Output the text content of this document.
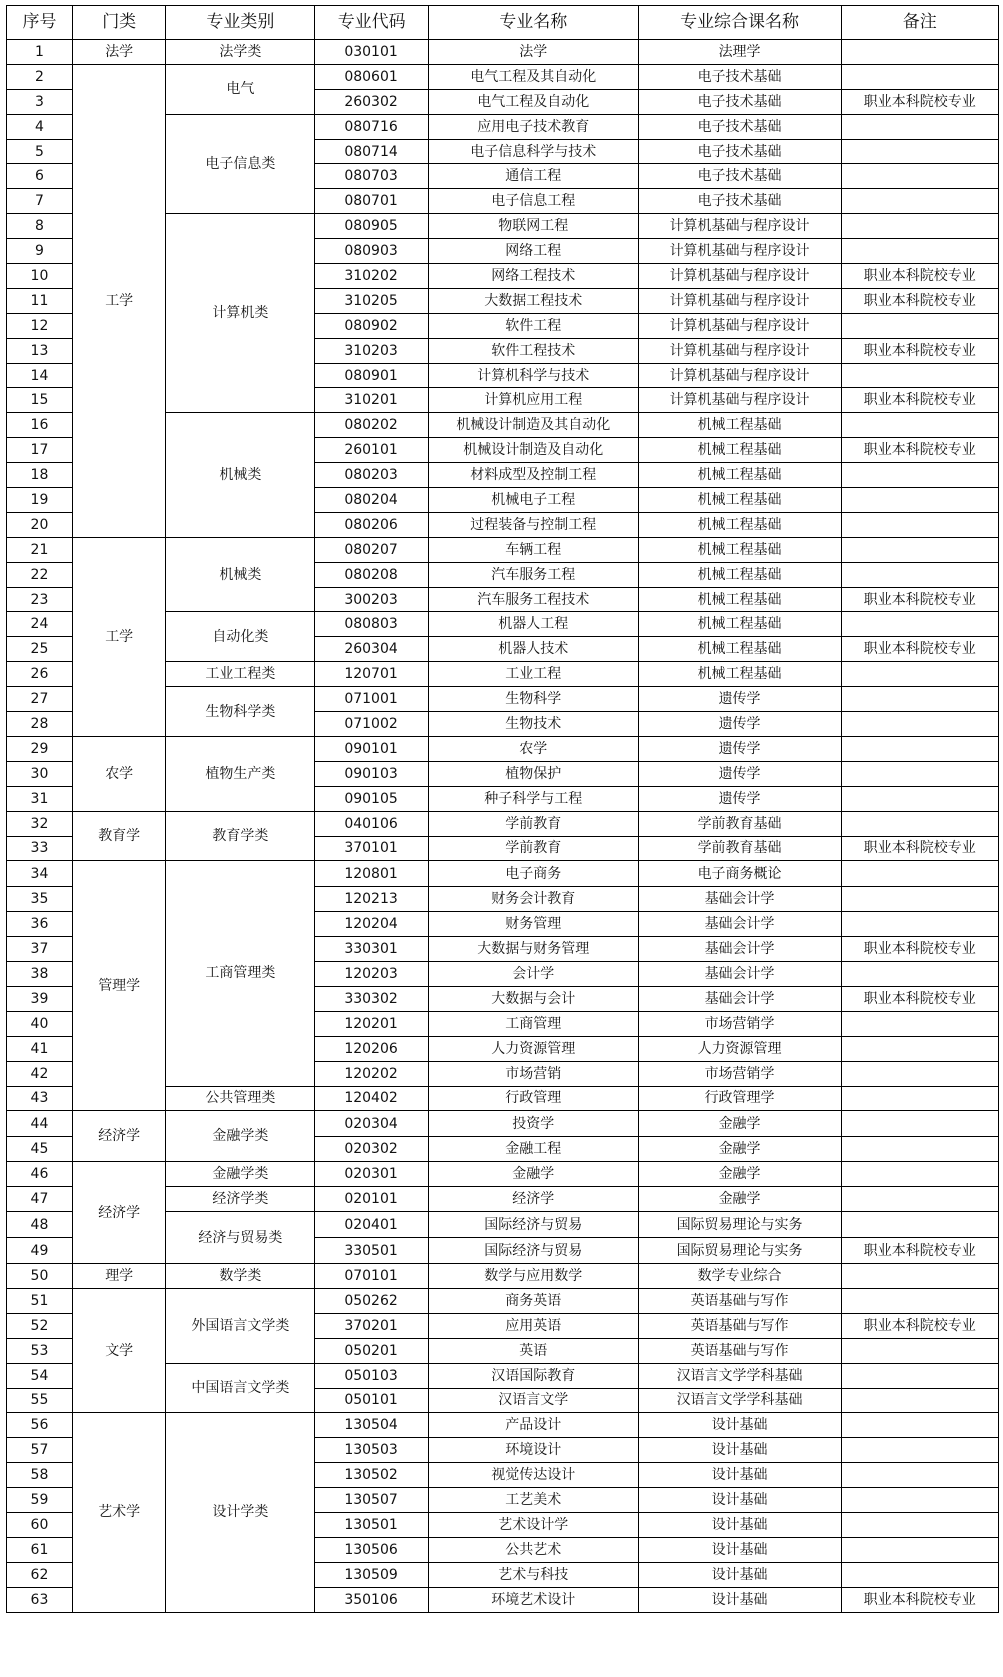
序号	门类	专业类别	专业代码	专业名称	专业综合课名称	备注
1	法学	法学类	030101	法学	法理学	
2	工学	电气	080601	电气工程及其自动化	电子技术基础	
3			260302	电气工程及自动化	电子技术基础	职业本科院校专业
4		电子信息类	080716	应用电子技术教育	电子技术基础	
5			080714	电子信息科学与技术	电子技术基础	
6			080703	通信工程	电子技术基础	
7			080701	电子信息工程	电子技术基础	
8		计算机类	080905	物联网工程	计算机基础与程序设计	
9			080903	网络工程	计算机基础与程序设计	
10			310202	网络工程技术	计算机基础与程序设计	职业本科院校专业
11			310205	大数据工程技术	计算机基础与程序设计	职业本科院校专业
12			080902	软件工程	计算机基础与程序设计	
13			310203	软件工程技术	计算机基础与程序设计	职业本科院校专业
14			080901	计算机科学与技术	计算机基础与程序设计	
15			310201	计算机应用工程	计算机基础与程序设计	职业本科院校专业
16		机械类	080202	机械设计制造及其自动化	机械工程基础	
17			260101	机械设计制造及自动化	机械工程基础	职业本科院校专业
18			080203	材料成型及控制工程	机械工程基础	
19			080204	机械电子工程	机械工程基础	
20			080206	过程装备与控制工程	机械工程基础	
21	工学	机械类	080207	车辆工程	机械工程基础	
22			080208	汽车服务工程	机械工程基础	
23			300203	汽车服务工程技术	机械工程基础	职业本科院校专业
24		自动化类	080803	机器人工程	机械工程基础	
25			260304	机器人技术	机械工程基础	职业本科院校专业
26		工业工程类	120701	工业工程	机械工程基础	
27		生物科学类	071001	生物科学	遗传学	
28			071002	生物技术	遗传学	
29	农学	植物生产类	090101	农学	遗传学	
30			090103	植物保护	遗传学	
31			090105	种子科学与工程	遗传学	
32	教育学	教育学类	040106	学前教育	学前教育基础	
33			370101	学前教育	学前教育基础	职业本科院校专业
34	管理学	工商管理类	120801	电子商务	电子商务概论	
35			120213	财务会计教育	基础会计学	
36			120204	财务管理	基础会计学	
37			330301	大数据与财务管理	基础会计学	职业本科院校专业
38			120203	会计学	基础会计学	
39			330302	大数据与会计	基础会计学	职业本科院校专业
40			120201	工商管理	市场营销学	
41			120206	人力资源管理	人力资源管理	
42			120202	市场营销	市场营销学	
43		公共管理类	120402	行政管理	行政管理学	
44	经济学	金融学类	020304	投资学	金融学	
45			020302	金融工程	金融学	
46	经济学	金融学类	020301	金融学	金融学	
47		经济学类	020101	经济学	金融学	
48		经济与贸易类	020401	国际经济与贸易	国际贸易理论与实务	
49			330501	国际经济与贸易	国际贸易理论与实务	职业本科院校专业
50	理学	数学类	070101	数学与应用数学	数学专业综合	
51	文学	外国语言文学类	050262	商务英语	英语基础与写作	
52			370201	应用英语	英语基础与写作	职业本科院校专业
53			050201	英语	英语基础与写作	
54		中国语言文学类	050103	汉语国际教育	汉语言文学学科基础	
55			050101	汉语言文学	汉语言文学学科基础	
56	艺术学	设计学类	130504	产品设计	设计基础	
57			130503	环境设计	设计基础	
58			130502	视觉传达设计	设计基础	
59			130507	工艺美术	设计基础	
60			130501	艺术设计学	设计基础	
61			130506	公共艺术	设计基础	
62			130509	艺术与科技	设计基础	
63			350106	环境艺术设计	设计基础	职业本科院校专业
